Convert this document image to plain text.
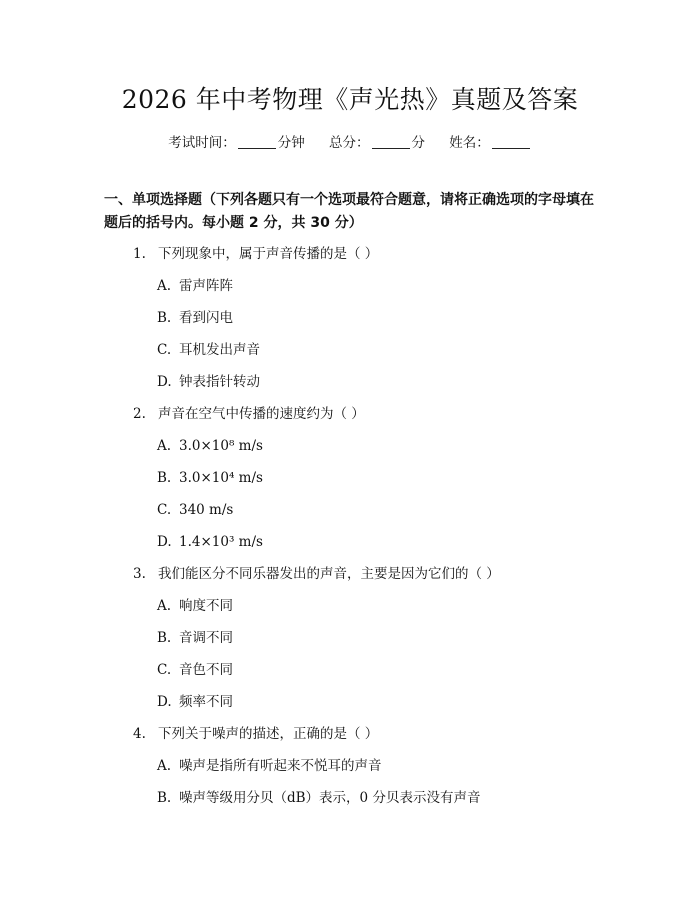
2026 年中考物理《声光热》真题及答案
考试时间：	分钟 总分：	分 姓名：
一、单项选择题（下列各题只有一个选项最符合题意，请将正确选项的字母填在题后的括号内。每小题 2 分，共 30 分）
1. 下列现象中，属于声音传播的是（ ）
A. 雷声阵阵
B. 看到闪电
C. 耳机发出声音
D. 钟表指针转动
2. 声音在空气中传播的速度约为（ ）
A. 3.0×10⁸ m/s
B. 3.0×10⁴ m/s
C. 340 m/s
D. 1.4×10³ m/s
3. 我们能区分不同乐器发出的声音，主要是因为它们的（ ）
A. 响度不同
B. 音调不同
C. 音色不同
D. 频率不同
4. 下列关于噪声的描述，正确的是（ ）
A. 噪声是指所有听起来不悦耳的声音
B. 噪声等级用分贝（dB）表示，0 分贝表示没有声音
